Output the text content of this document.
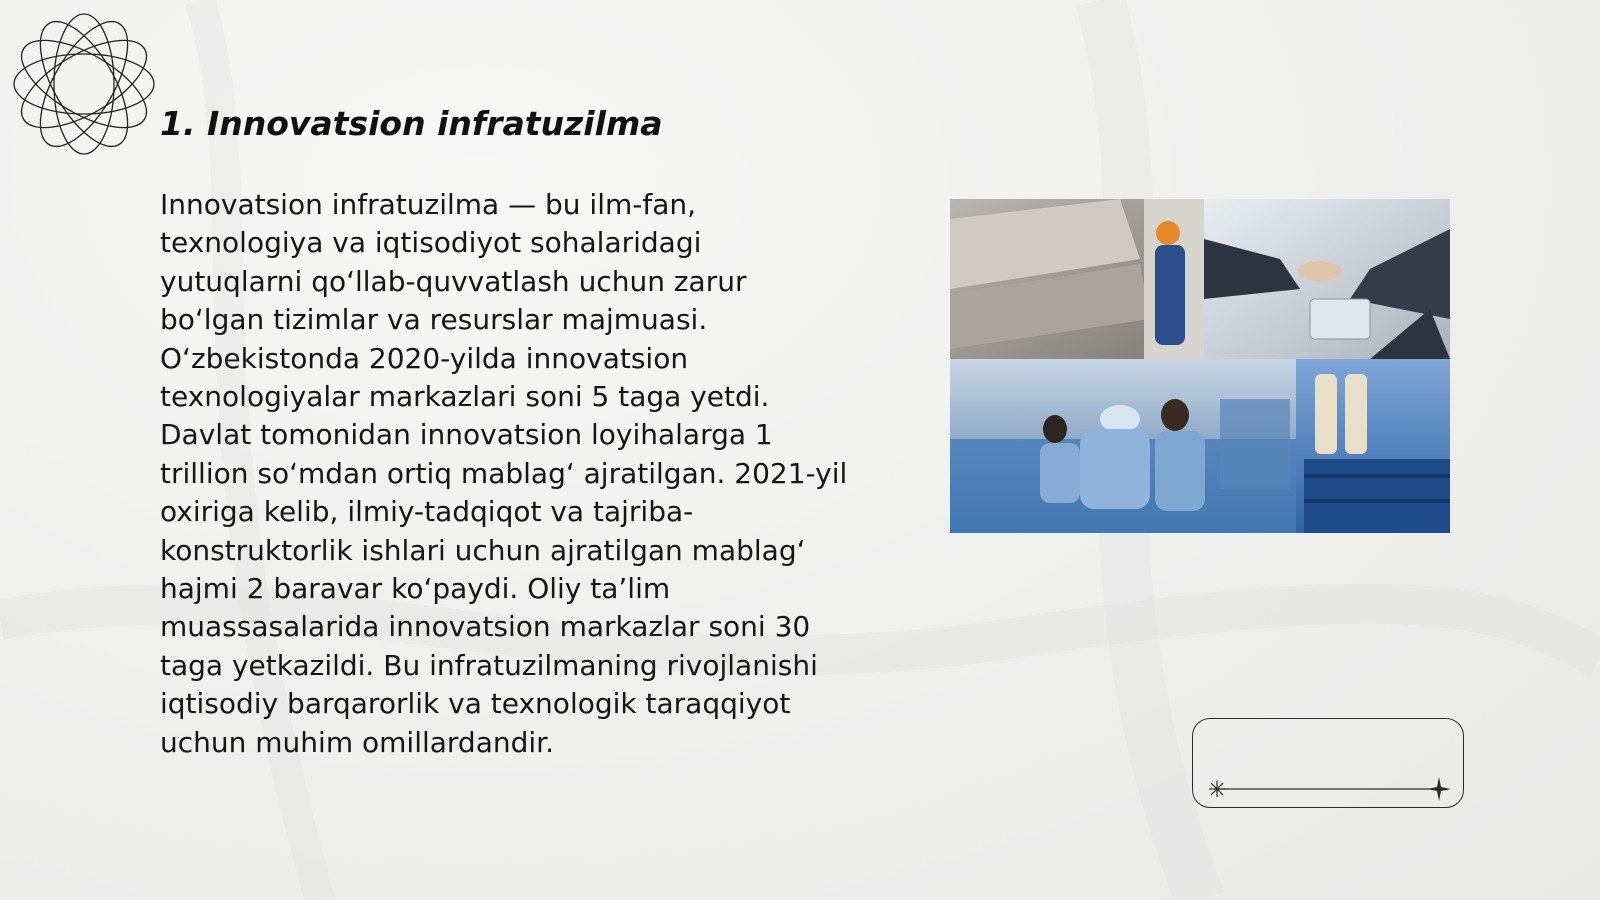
1. Innovatsion infratuzilma

Innovatsion infratuzilma — bu ilm-fan, texnologiya va iqtisodiyot sohalaridagi yutuqlarni qo‘llab-quvvatlash uchun zarur bo‘lgan tizimlar va resurslar majmuasi. O‘zbekistonda 2020-yilda innovatsion texnologiyalar markazlari soni 5 taga yetdi. Davlat tomonidan innovatsion loyihalarga 1 trillion so‘mdan ortiq mablag‘ ajratilgan. 2021-yil oxiriga kelib, ilmiy-tadqiqot va tajriba-konstruktorlik ishlari uchun ajratilgan mablag‘ hajmi 2 baravar ko‘paydi. Oliy ta’lim muassasalarida innovatsion markazlar soni 30 taga yetkazildi. Bu infratuzilmaning rivojlanishi iqtisodiy barqarorlik va texnologik taraqqiyot uchun muhim omillardandir.
